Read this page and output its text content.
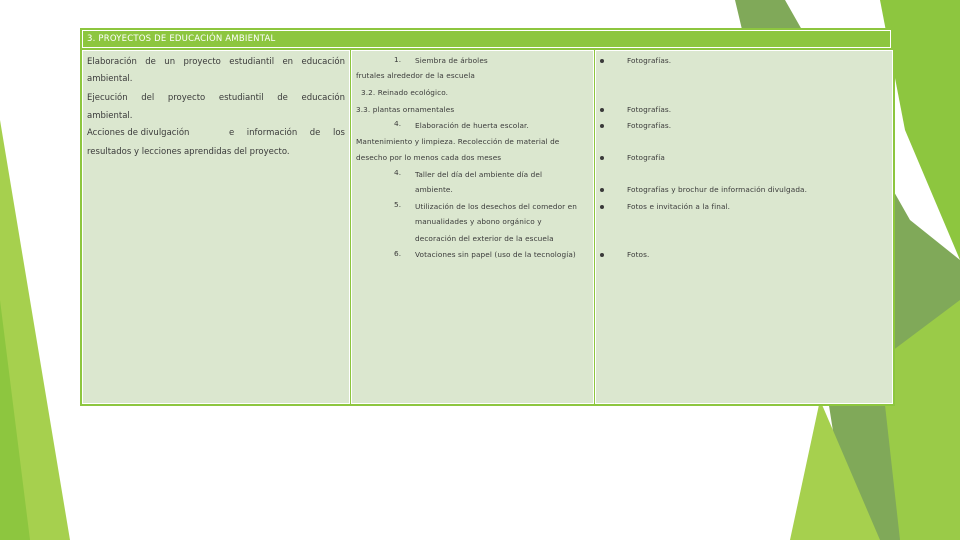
3. PROYECTOS DE EDUCACIÓN AMBIENTAL
Elaboración de un proyecto estudiantil en educación
ambiental.
Ejecución del proyecto estudiantil de educación
ambiental.
Acciones de divulgación	e información de los
resultados y lecciones aprendidas del proyecto.
1. Siembra de árboles
frutales alrededor de la escuela
3.2. Reinado ecológico.
3.3. plantas ornamentales
4. Elaboración de huerta escolar.
Mantenimiento y limpieza. Recolección de material de
desecho por lo menos cada dos meses
4. Taller del día del ambiente día del
ambiente.
5. Utilización de los desechos del comedor en
manualidades y abono orgánico y
decoración del exterior de la escuela
6. Votaciones sin papel (uso de la tecnología)
Fotografías.
Fotografías.
Fotografías.
Fotografía
Fotografías y brochur de información divulgada.
Fotos e invitación a la final.
Fotos.
